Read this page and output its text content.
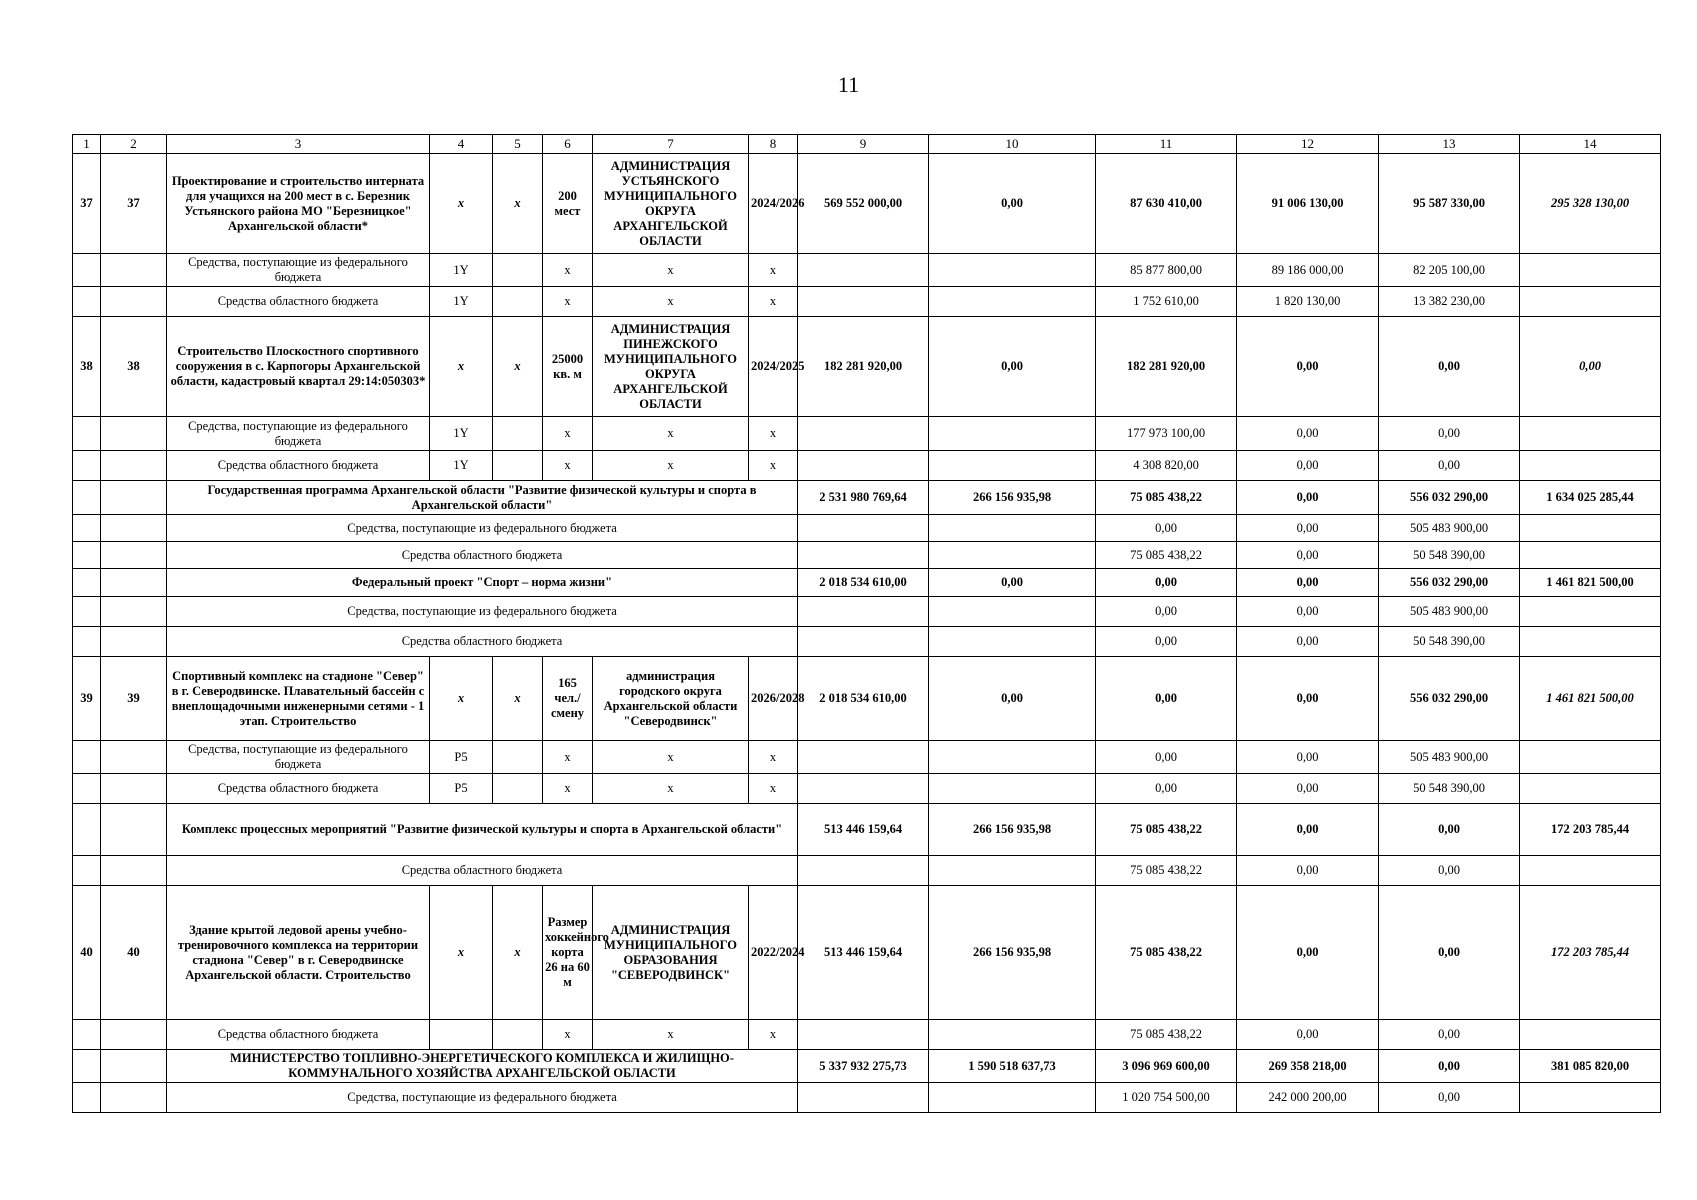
11
1	2	3	4	5	6	7	8	9	10	11	12	13	14
37	37	Проектирование и строительство интерната для учащихся на 200 мест в с. Березник Устьянского района МО "Березницкое" Архангельской области*	х	х	200 мест	АДМИНИСТРАЦИЯ УСТЬЯНСКОГО МУНИЦИПАЛЬНОГО ОКРУГА АРХАНГЕЛЬСКОЙ ОБЛАСТИ	2024/2026	569 552 000,00	0,00	87 630 410,00	91 006 130,00	95 587 330,00	295 328 130,00
		Средства, поступающие из федерального бюджета	1Y		х	х	х			85 877 800,00	89 186 000,00	82 205 100,00	
		Средства областного бюджета	1Y		х	х	х			1 752 610,00	1 820 130,00	13 382 230,00	
38	38	Строительство Плоскостного спортивного сооружения в с. Карпогоры Архангельской области, кадастровый квартал 29:14:050303*	х	х	25000 кв. м	АДМИНИСТРАЦИЯ ПИНЕЖСКОГО МУНИЦИПАЛЬНОГО ОКРУГА АРХАНГЕЛЬСКОЙ ОБЛАСТИ	2024/2025	182 281 920,00	0,00	182 281 920,00	0,00	0,00	0,00
		Средства, поступающие из федерального бюджета	1Y		х	х	х			177 973 100,00	0,00	0,00	
		Средства областного бюджета	1Y		х	х	х			4 308 820,00	0,00	0,00	
		Государственная программа Архангельской области "Развитие физической культуры и спорта в Архангельской области"						2 531 980 769,64	266 156 935,98	75 085 438,22	0,00	556 032 290,00	1 634 025 285,44
		Средства, поступающие из федерального бюджета								0,00	0,00	505 483 900,00	
		Средства областного бюджета								75 085 438,22	0,00	50 548 390,00	
		Федеральный проект "Спорт – норма жизни"						2 018 534 610,00	0,00	0,00	0,00	556 032 290,00	1 461 821 500,00
		Средства, поступающие из федерального бюджета								0,00	0,00	505 483 900,00	
		Средства областного бюджета								0,00	0,00	50 548 390,00	
39	39	Спортивный комплекс на стадионе "Север" в г. Северодвинске. Плавательный бассейн с внеплощадочными инженерными сетями - 1 этап. Строительство	х	х	165 чел./смену	администрация городского округа Архангельской области "Северодвинск"	2026/2028	2 018 534 610,00	0,00	0,00	0,00	556 032 290,00	1 461 821 500,00
		Средства, поступающие из федерального бюджета	P5		х	х	х			0,00	0,00	505 483 900,00	
		Средства областного бюджета	P5		х	х	х			0,00	0,00	50 548 390,00	
		Комплекс процессных мероприятий "Развитие физической культуры и спорта в Архангельской области"						513 446 159,64	266 156 935,98	75 085 438,22	0,00	0,00	172 203 785,44
		Средства областного бюджета								75 085 438,22	0,00	0,00	
40	40	Здание крытой ледовой арены учебно-тренировочного комплекса на территории стадиона "Север" в г. Северодвинске Архангельской области. Строительство	х	х	Размер хоккейного корта 26 на 60 м	АДМИНИСТРАЦИЯ МУНИЦИПАЛЬНОГО ОБРАЗОВАНИЯ "СЕВЕРОДВИНСК"	2022/2024	513 446 159,64	266 156 935,98	75 085 438,22	0,00	0,00	172 203 785,44
		Средства областного бюджета			х	х	х			75 085 438,22	0,00	0,00	
		МИНИСТЕРСТВО ТОПЛИВНО-ЭНЕРГЕТИЧЕСКОГО КОМПЛЕКСА И ЖИЛИЩНО-КОММУНАЛЬНОГО ХОЗЯЙСТВА АРХАНГЕЛЬСКОЙ ОБЛАСТИ						5 337 932 275,73	1 590 518 637,73	3 096 969 600,00	269 358 218,00	0,00	381 085 820,00
		Средства, поступающие из федерального бюджета								1 020 754 500,00	242 000 200,00	0,00	
